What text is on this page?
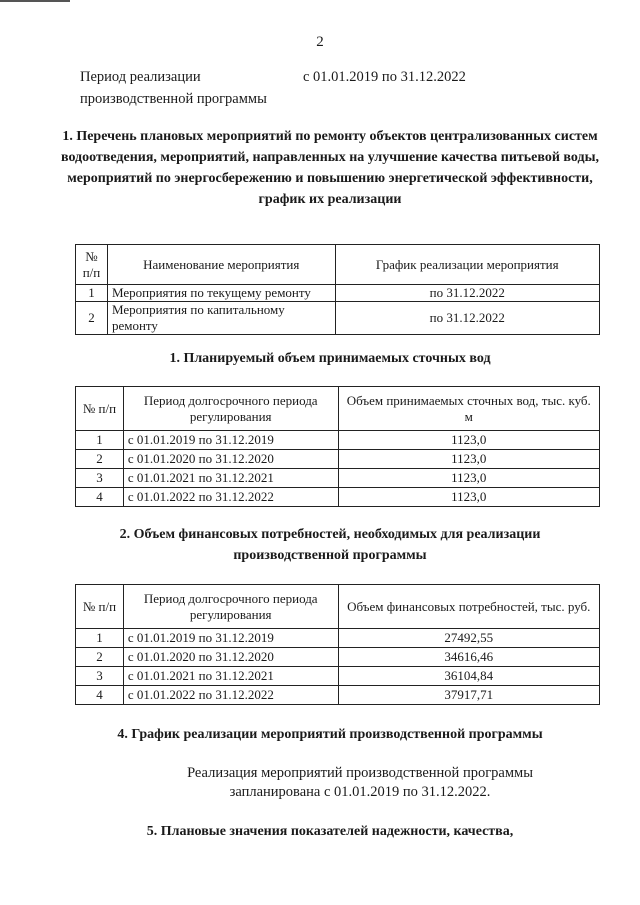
2
Период реализации производственной программы
с 01.01.2019 по 31.12.2022
1. Перечень плановых мероприятий по ремонту объектов централизованных систем водоотведения, мероприятий, направленных на улучшение качества питьевой воды, мероприятий по энергосбережению и повышению энергетической эффективности, график их реализации
№ п/п	Наименование мероприятия	График реализации мероприятия
1	Мероприятия по текущему ремонту	по 31.12.2022
2	Мероприятия по капитальному ремонту	по 31.12.2022
1. Планируемый объем принимаемых сточных вод
№ п/п	Период долгосрочного периода регулирования	Объем принимаемых сточных вод, тыс. куб. м
1	с 01.01.2019 по 31.12.2019	1123,0
2	с 01.01.2020 по 31.12.2020	1123,0
3	с 01.01.2021 по 31.12.2021	1123,0
4	с 01.01.2022 по 31.12.2022	1123,0
2. Объем финансовых потребностей, необходимых для реализации производственной программы
№ п/п	Период долгосрочного периода регулирования	Объем финансовых потребностей, тыс. руб.
1	с 01.01.2019 по 31.12.2019	27492,55
2	с 01.01.2020 по 31.12.2020	34616,46
3	с 01.01.2021 по 31.12.2021	36104,84
4	с 01.01.2022 по 31.12.2022	37917,71
4. График реализации мероприятий производственной программы
Реализация мероприятий производственной программы
запланирована с 01.01.2019 по 31.12.2022.
5. Плановые значения показателей надежности, качества,
